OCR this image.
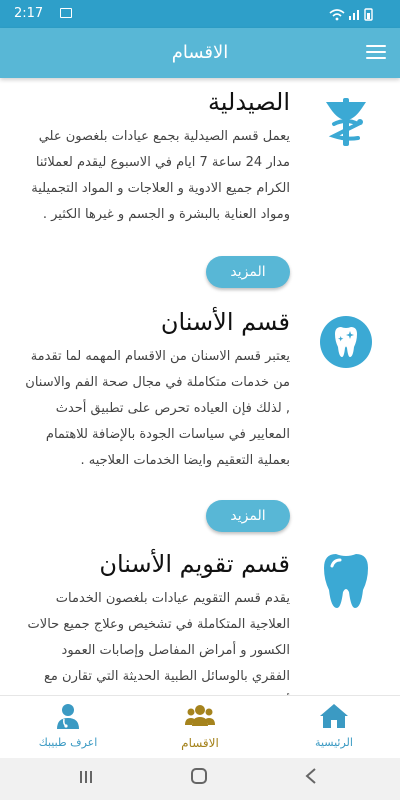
2:17
الاقسام
الصيدلية
يعمل قسم الصيدلية بجمع عيادات بلغصون علي مدار 24 ساعة 7 ايام في الاسبوع ليقدم لعملائنا الكرام جميع الادوية و العلاجات و المواد التجميلية ومواد العناية بالبشرة و الجسم و غيرها الكثير .
المزيد
قسم الأسنان
يعتبر قسم الاسنان من الاقسام المهمه لما تقدمة من خدمات متكاملة في مجال صحة الفم والاسنان , لذلك فإن العياده تحرص على تطبيق أحدث المعايير في سياسات الجودة بالإضافة للاهتمام بعملية التعقيم وايضا الخدمات العلاجيه .
المزيد
قسم تقويم الأسنان
يقدم قسم التقويم عيادات بلغصون الخدمات العلاجية المتكاملة في تشخيص وعلاج جميع حالات الكسور و أمراض المفاصل وإصابات العمود الفقري بالوسائل الطبية الحديثة التي تقارن مع
اعرف طبيبك	الاقسام	الرئيسية
